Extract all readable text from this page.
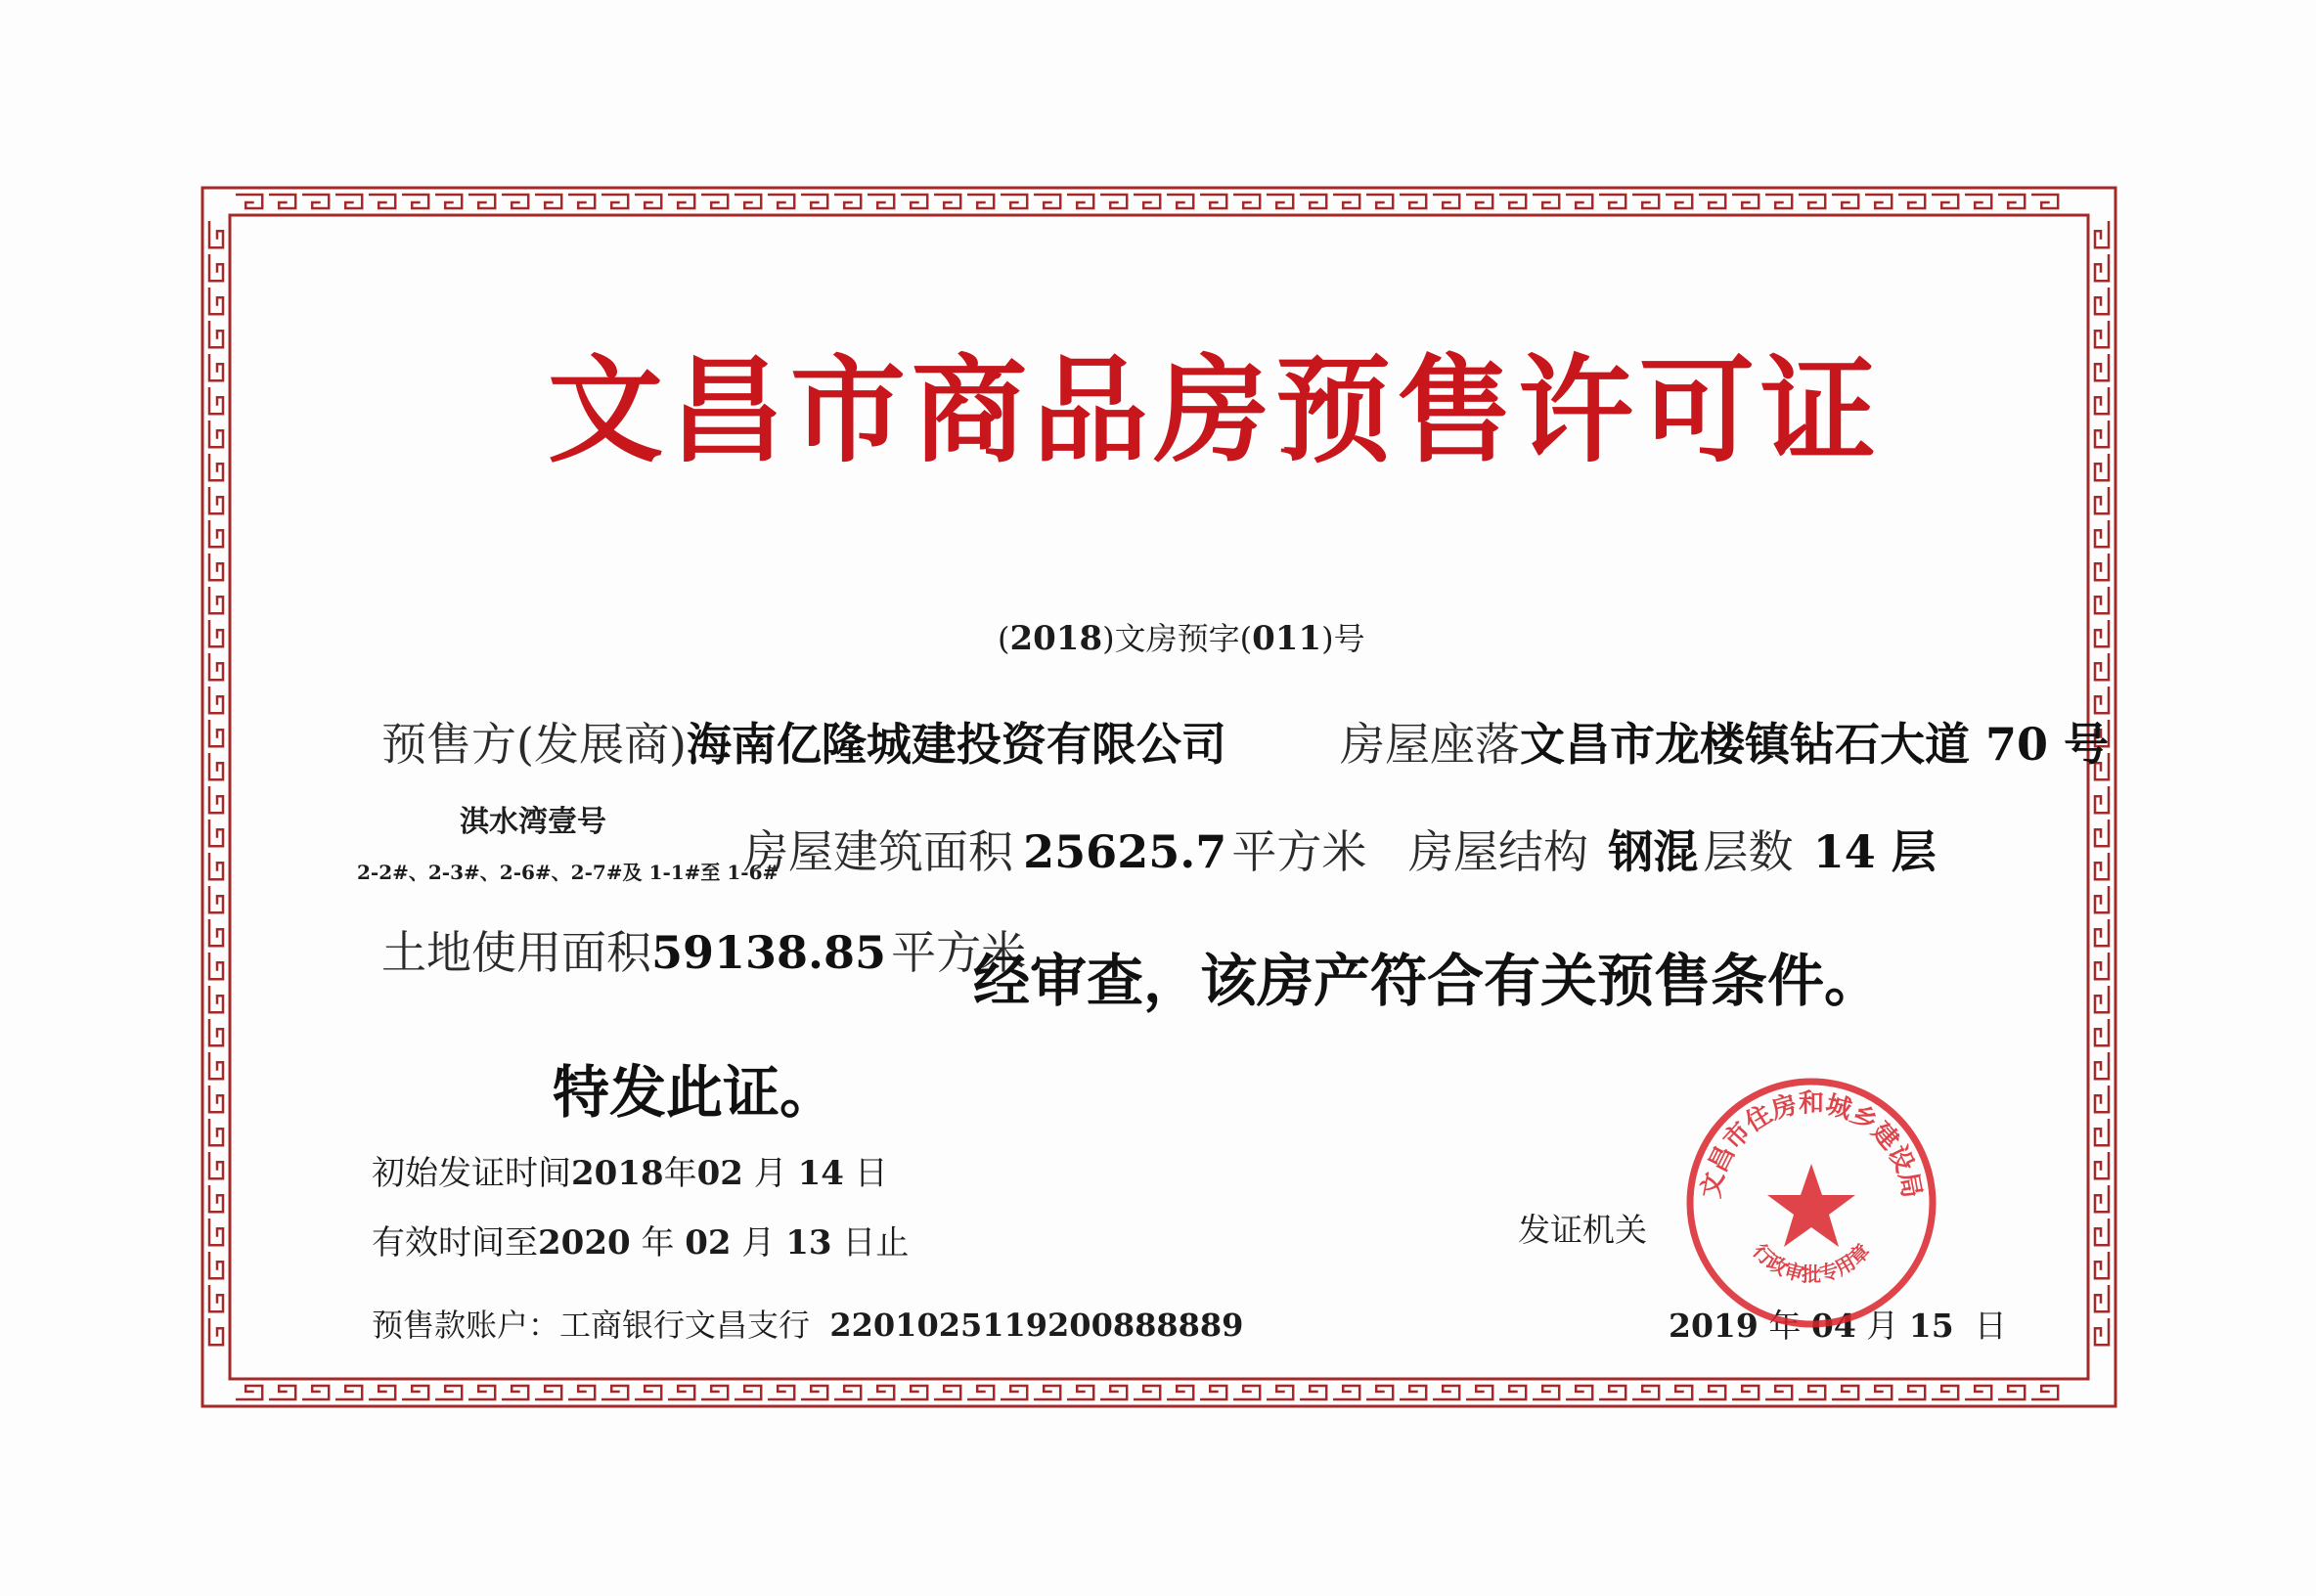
文昌市商品房预售许可证
(2018)文房预字(011)号
预售方(发展商)海南亿隆城建投资有限公司	房屋座落文昌市龙楼镇钻石大道 70 号
淇水湾壹号
2-2#、2-3#、2-6#、2-7#及 1-1#至 1-6#
房屋建筑面积 25625.7 平方米 房屋结构 钢混 层数 14 层
土地使用面积59138.85 平方米
经审查，该房产符合有关预售条件。
特发此证。
初始发证时间2018年02 月 14 日
有效时间至2020 年 02 月 13 日止
预售款账户：工商银行文昌支行 2201025119200888889
发证机关
2019 年 04 月 15 日
文昌市住房和城乡建设局
行政审批专用章
